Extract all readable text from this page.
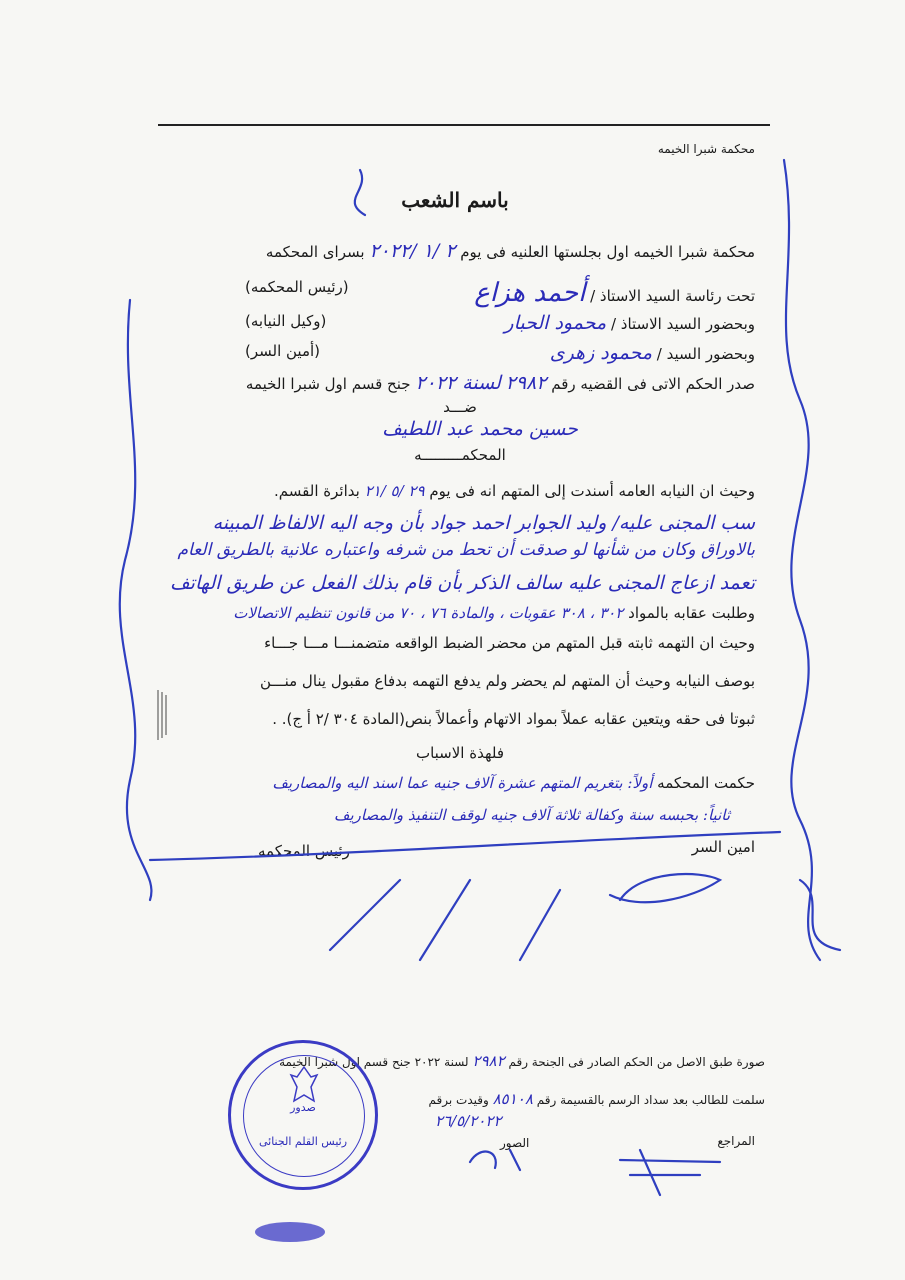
محكمة شبرا الخيمه
باسم الشعب
محكمة شبرا الخيمه اول بجلستها العلنيه فى يوم ٢ /١ /٢٠٢٢ بسراى المحكمه
تحت رئاسة السيد الاستاذ / أحمد هزاع
(رئيس المحكمه)
وبحضور السيد الاستاذ / محمود الحبار
(وكيل النيابه)
وبحضور السيد / محمود زهرى
(أمين السر)
صدر الحكم الاتى فى القضيه رقم ٢٩٨٢ لسنة ٢٠٢٢ جنح قسم اول شبرا الخيمه
ضـــد
حسين محمد عبد اللطيف
المحكمـــــــــه
وحيث ان النيابه العامه أسندت إلى المتهم انه فى يوم ٢٩ /٥ /٢١ بدائرة القسم.
سب المجنى عليه/ وليد الجوابر احمد جواد بأن وجه اليه الالفاظ المبينه
بالاوراق وكان من شأنها لو صدقت أن تحط من شرفه واعتباره علانية بالطريق العام
تعمد ازعاج المجنى عليه سالف الذكر بأن قام بذلك الفعل عن طريق الهاتف
وطلبت عقابه بالمواد ٣٠٢ ، ٣٠٨ عقوبات ، والمادة ٧٦ ، ٧٠ من قانون تنظيم الاتصالات
وحيث ان التهمه ثابته قبل المتهم من محضر الضبط الواقعه متضمنـــا مـــا جـــاء
بوصف النيابه وحيث أن المتهم لم يحضر ولم يدفع التهمه بدفاع مقبول ينال منـــن
ثبوتا فى حقه ويتعين عقابه عملاً بمواد الاتهام وأعمالاً بنص(المادة ٣٠٤ /٢ أ ج). .
فلهذة الاسباب
حكمت المحكمه أولاً: بتغريم المتهم عشرة آلاف جنيه عما اسند اليه والمصاريف
ثانياً: بحبسه سنة وكفالة ثلاثة آلاف جنيه لوقف التنفيذ والمصاريف
امين السر
رئيس المحكمه
صورة طبق الاصل من الحكم الصادر فى الجنحة رقم ٢٩٨٢ لسنة ٢٠٢٢ جنح قسم اول شبرا الخيمة
سلمت للطالب بعد سداد الرسم بالقسيمة رقم ٨٥١٠٨ وقيدت برقم
٢٦/٥/٢٠٢٢
المراجع
الصور
صدور
رئيس القلم الجنائى
